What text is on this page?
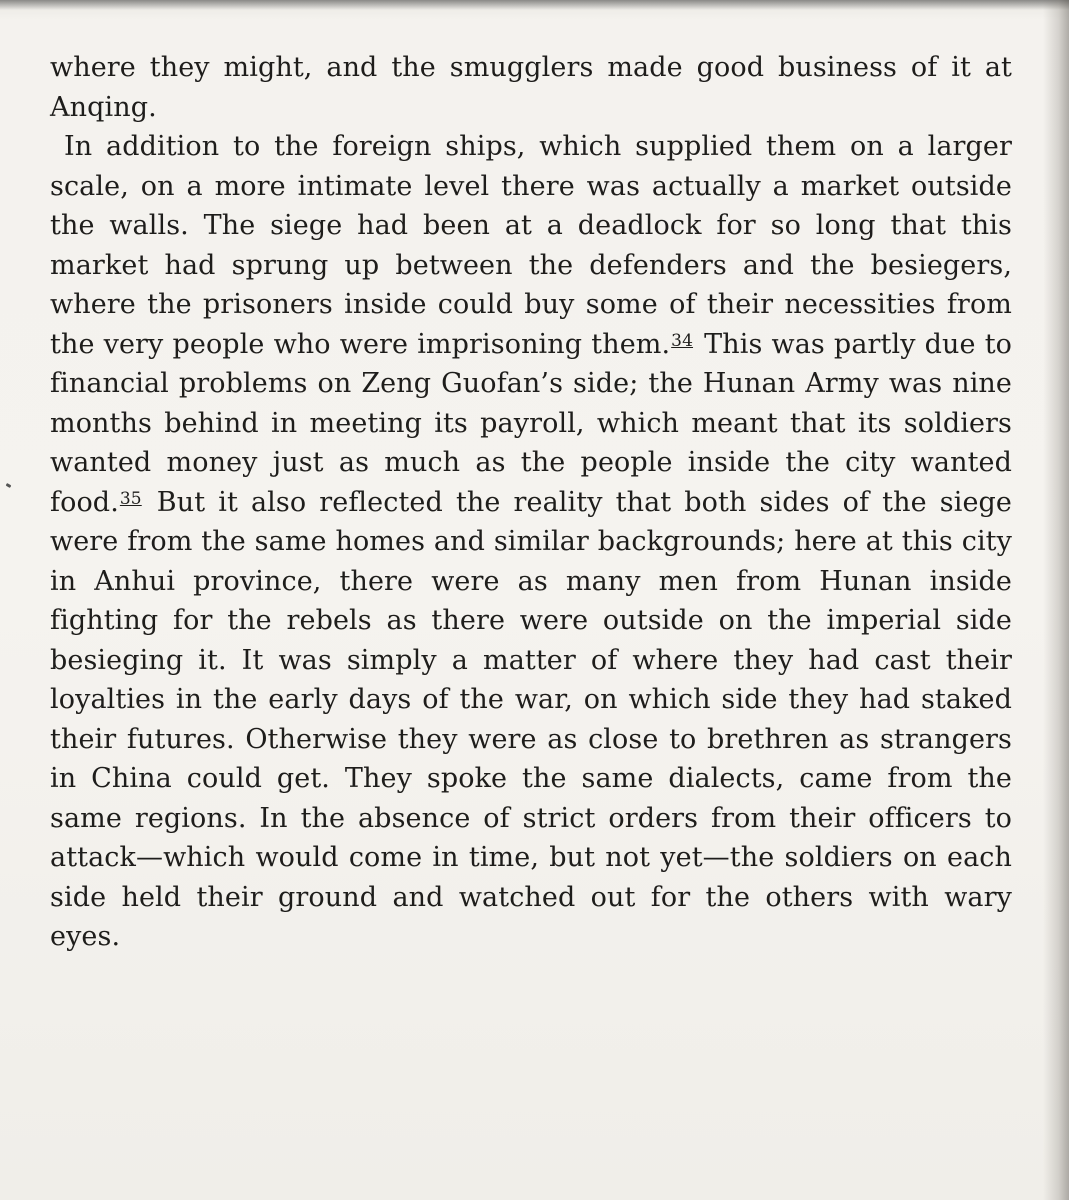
where they might, and the smugglers made good business of it at Anqing.

In addition to the foreign ships, which supplied them on a larger scale, on a more intimate level there was actually a market outside the walls. The siege had been at a deadlock for so long that this market had sprung up between the defenders and the besiegers, where the prisoners inside could buy some of their necessities from the very people who were imprisoning them.$^{34}$ This was partly due to financial problems on Zeng Guofan’s side; the Hunan Army was nine months behind in meeting its payroll, which meant that its soldiers wanted money just as much as the people inside the city wanted food.$^{35}$ But it also reflected the reality that both sides of the siege were from the same homes and similar backgrounds; here at this city in Anhui province, there were as many men from Hunan inside fighting for the rebels as there were outside on the imperial side besieging it. It was simply a matter of where they had cast their loyalties in the early days of the war, on which side they had staked their futures. Otherwise they were as close to brethren as strangers in China could get. They spoke the same dialects, came from the same regions. In the absence of strict orders from their officers to attack—which would come in time, but not yet—the soldiers on each side held their ground and watched out for the others with wary eyes.
